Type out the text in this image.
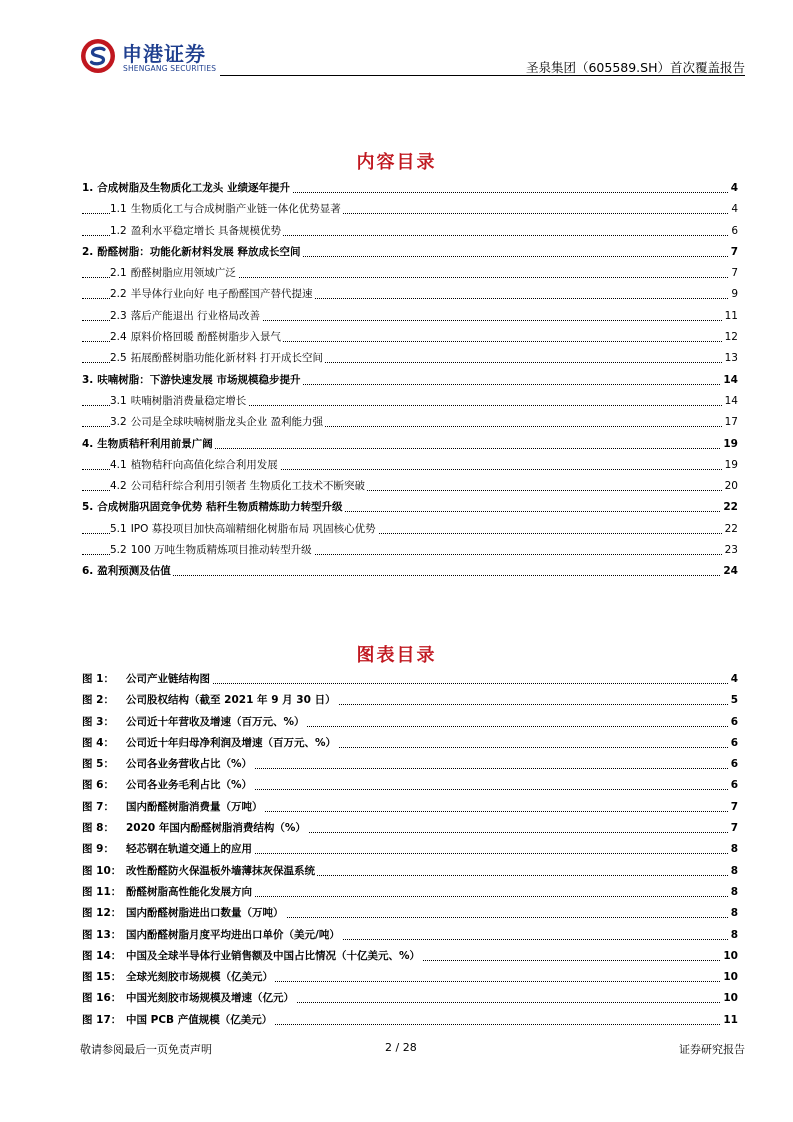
申港证券
SHENGANG SECURITIES	圣泉集团（605589.SH）首次覆盖报告
内容目录
1. 合成树脂及生物质化工龙头 业绩逐年提升	4
1.1 生物质化工与合成树脂产业链一体化优势显著	4
1.2 盈利水平稳定增长 具备规模优势	6
2. 酚醛树脂：功能化新材料发展 释放成长空间	7
2.1 酚醛树脂应用领域广泛	7
2.2 半导体行业向好 电子酚醛国产替代提速	9
2.3 落后产能退出 行业格局改善	11
2.4 原料价格回暖 酚醛树脂步入景气	12
2.5 拓展酚醛树脂功能化新材料 打开成长空间	13
3. 呋喃树脂：下游快速发展 市场规模稳步提升	14
3.1 呋喃树脂消费量稳定增长	14
3.2 公司是全球呋喃树脂龙头企业 盈利能力强	17
4. 生物质秸秆利用前景广阔	19
4.1 植物秸秆向高值化综合利用发展	19
4.2 公司秸秆综合利用引领者 生物质化工技术不断突破	20
5. 合成树脂巩固竞争优势 秸秆生物质精炼助力转型升级	22
5.1 IPO 募投项目加快高端精细化树脂布局 巩固核心优势	22
5.2 100 万吨生物质精炼项目推动转型升级	23
6. 盈利预测及估值	24
图表目录
图 1： 公司产业链结构图	4
图 2： 公司股权结构（截至 2021 年 9 月 30 日）	5
图 3： 公司近十年营收及增速（百万元、%）	6
图 4： 公司近十年归母净利润及增速（百万元、%）	6
图 5： 公司各业务营收占比（%）	6
图 6： 公司各业务毛利占比（%）	6
图 7： 国内酚醛树脂消费量（万吨）	7
图 8： 2020 年国内酚醛树脂消费结构（%）	7
图 9： 轻芯钢在轨道交通上的应用	8
图 10： 改性酚醛防火保温板外墙薄抹灰保温系统	8
图 11： 酚醛树脂高性能化发展方向	8
图 12： 国内酚醛树脂进出口数量（万吨）	8
图 13： 国内酚醛树脂月度平均进出口单价（美元/吨）	8
图 14： 中国及全球半导体行业销售额及中国占比情况（十亿美元、%）	10
图 15： 全球光刻胶市场规模（亿美元）	10
图 16： 中国光刻胶市场规模及增速（亿元）	10
图 17： 中国 PCB 产值规模（亿美元）	11
敬请参阅最后一页免责声明	2 / 28	证券研究报告
